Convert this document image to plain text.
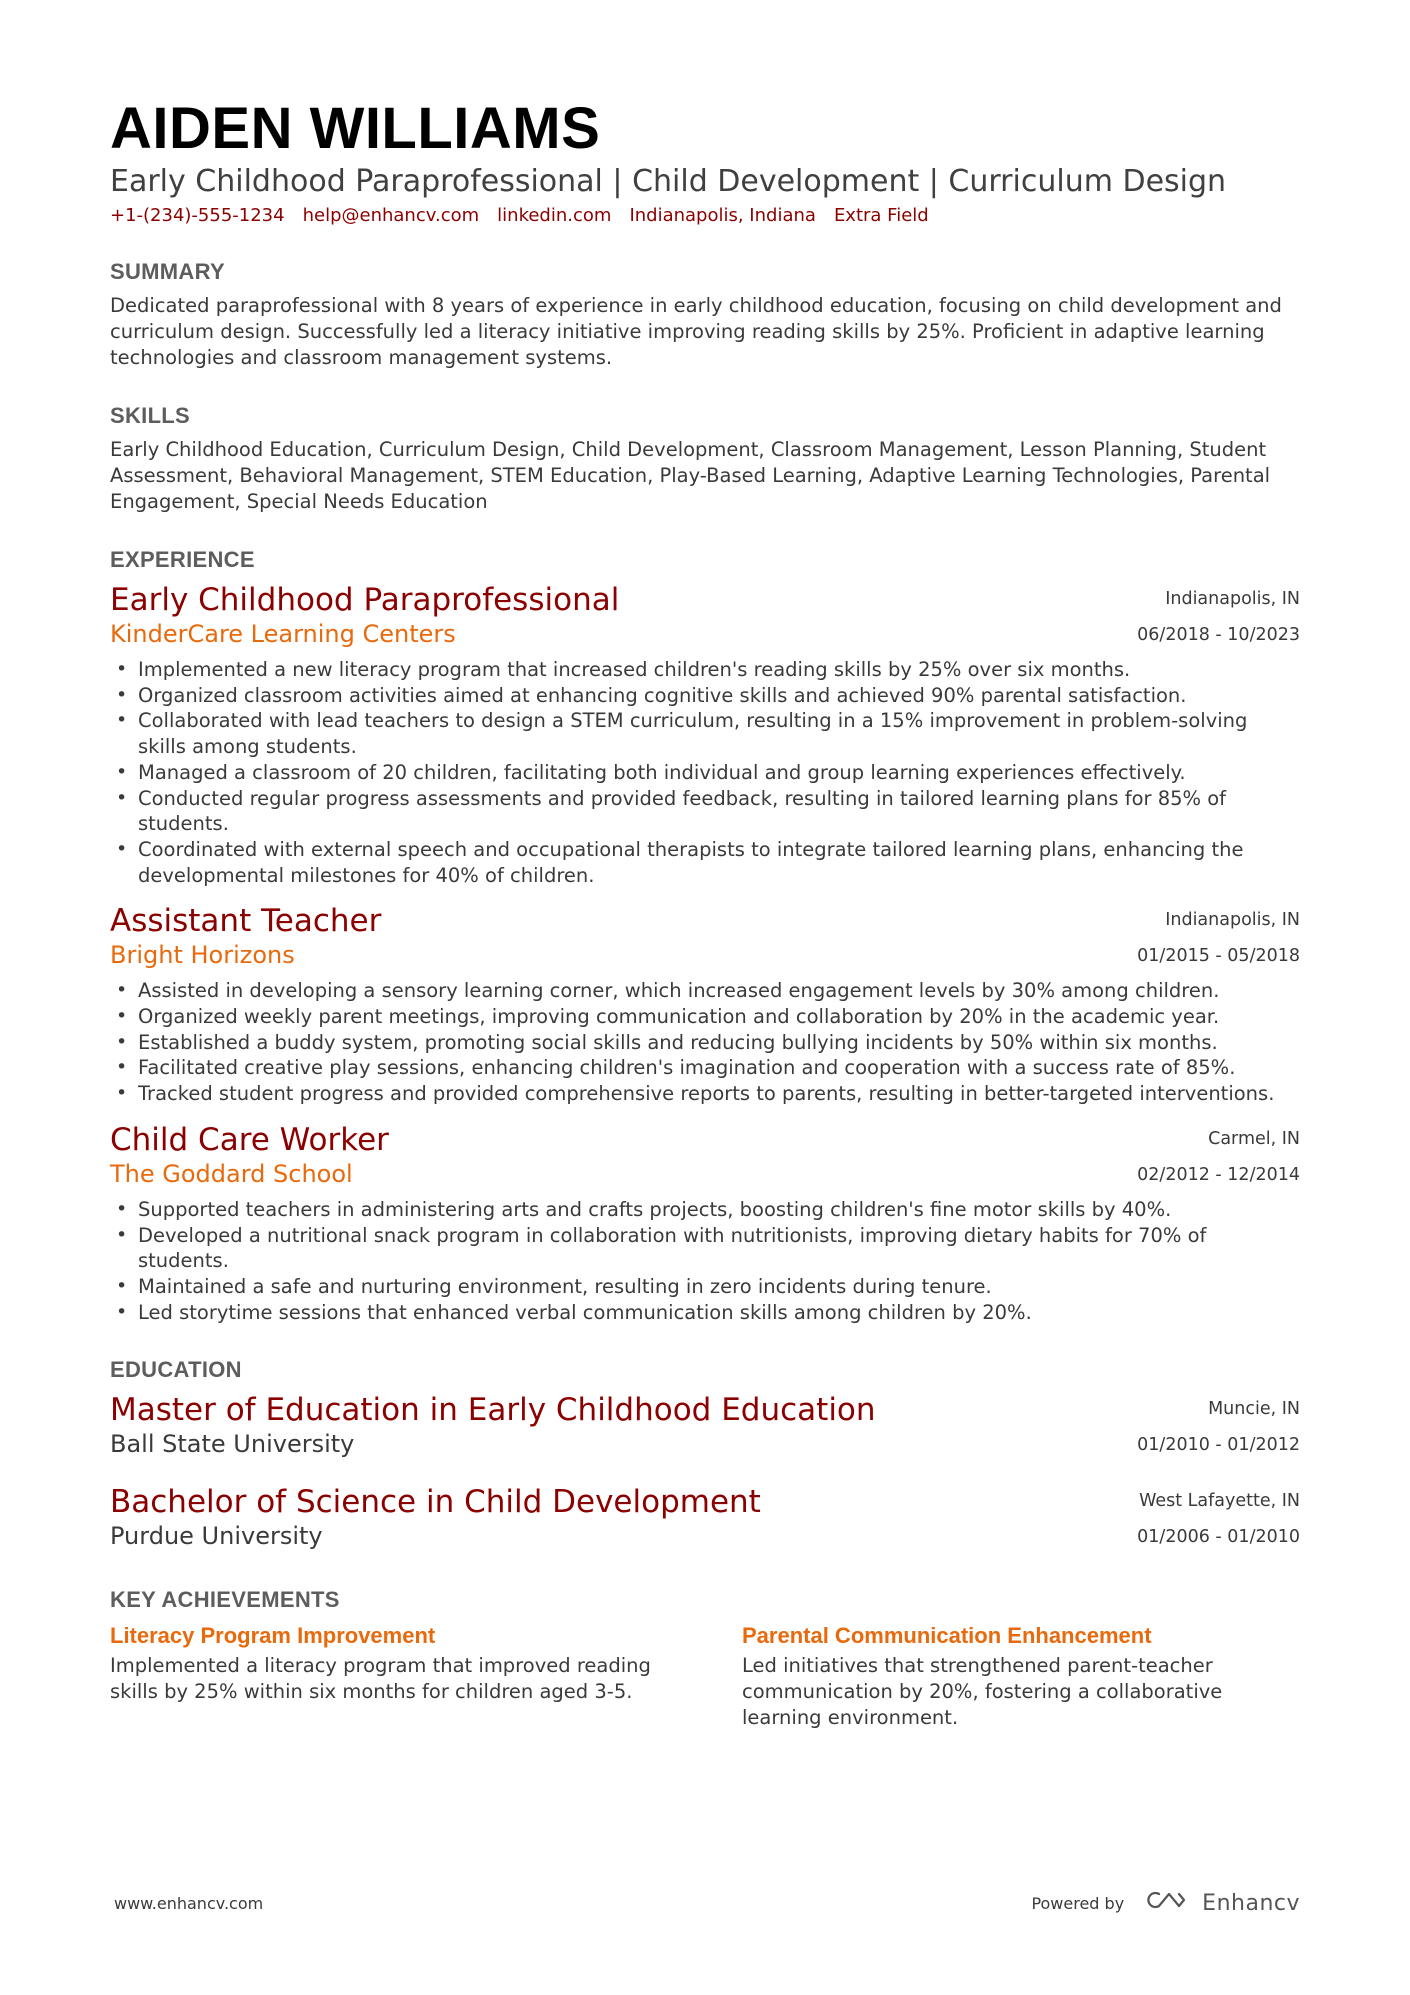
AIDEN WILLIAMS
Early Childhood Paraprofessional | Child Development | Curriculum Design
+1-(234)-555-1234 help@enhancv.com linkedin.com Indianapolis, Indiana Extra Field
SUMMARY
Dedicated paraprofessional with 8 years of experience in early childhood education, focusing on child development and curriculum design. Successfully led a literacy initiative improving reading skills by 25%. Proficient in adaptive learning technologies and classroom management systems.
SKILLS
Early Childhood Education, Curriculum Design, Child Development, Classroom Management, Lesson Planning, Student Assessment, Behavioral Management, STEM Education, Play-Based Learning, Adaptive Learning Technologies, Parental Engagement, Special Needs Education
EXPERIENCE
Early Childhood Paraprofessional
KinderCare Learning Centers
Indianapolis, IN
06/2018 - 10/2023
• Implemented a new literacy program that increased children's reading skills by 25% over six months.
• Organized classroom activities aimed at enhancing cognitive skills and achieved 90% parental satisfaction.
• Collaborated with lead teachers to design a STEM curriculum, resulting in a 15% improvement in problem-solving skills among students.
• Managed a classroom of 20 children, facilitating both individual and group learning experiences effectively.
• Conducted regular progress assessments and provided feedback, resulting in tailored learning plans for 85% of students.
• Coordinated with external speech and occupational therapists to integrate tailored learning plans, enhancing the developmental milestones for 40% of children.
Assistant Teacher
Bright Horizons
Indianapolis, IN
01/2015 - 05/2018
• Assisted in developing a sensory learning corner, which increased engagement levels by 30% among children.
• Organized weekly parent meetings, improving communication and collaboration by 20% in the academic year.
• Established a buddy system, promoting social skills and reducing bullying incidents by 50% within six months.
• Facilitated creative play sessions, enhancing children's imagination and cooperation with a success rate of 85%.
• Tracked student progress and provided comprehensive reports to parents, resulting in better-targeted interventions.
Child Care Worker
The Goddard School
Carmel, IN
02/2012 - 12/2014
• Supported teachers in administering arts and crafts projects, boosting children's fine motor skills by 40%.
• Developed a nutritional snack program in collaboration with nutritionists, improving dietary habits for 70% of students.
• Maintained a safe and nurturing environment, resulting in zero incidents during tenure.
• Led storytime sessions that enhanced verbal communication skills among children by 20%.
EDUCATION
Master of Education in Early Childhood Education
Ball State University
Muncie, IN
01/2010 - 01/2012
Bachelor of Science in Child Development
Purdue University
West Lafayette, IN
01/2006 - 01/2010
KEY ACHIEVEMENTS
Literacy Program Improvement
Implemented a literacy program that improved reading skills by 25% within six months for children aged 3-5.
Parental Communication Enhancement
Led initiatives that strengthened parent-teacher communication by 20%, fostering a collaborative learning environment.
www.enhancv.com	Powered by	Enhancv
